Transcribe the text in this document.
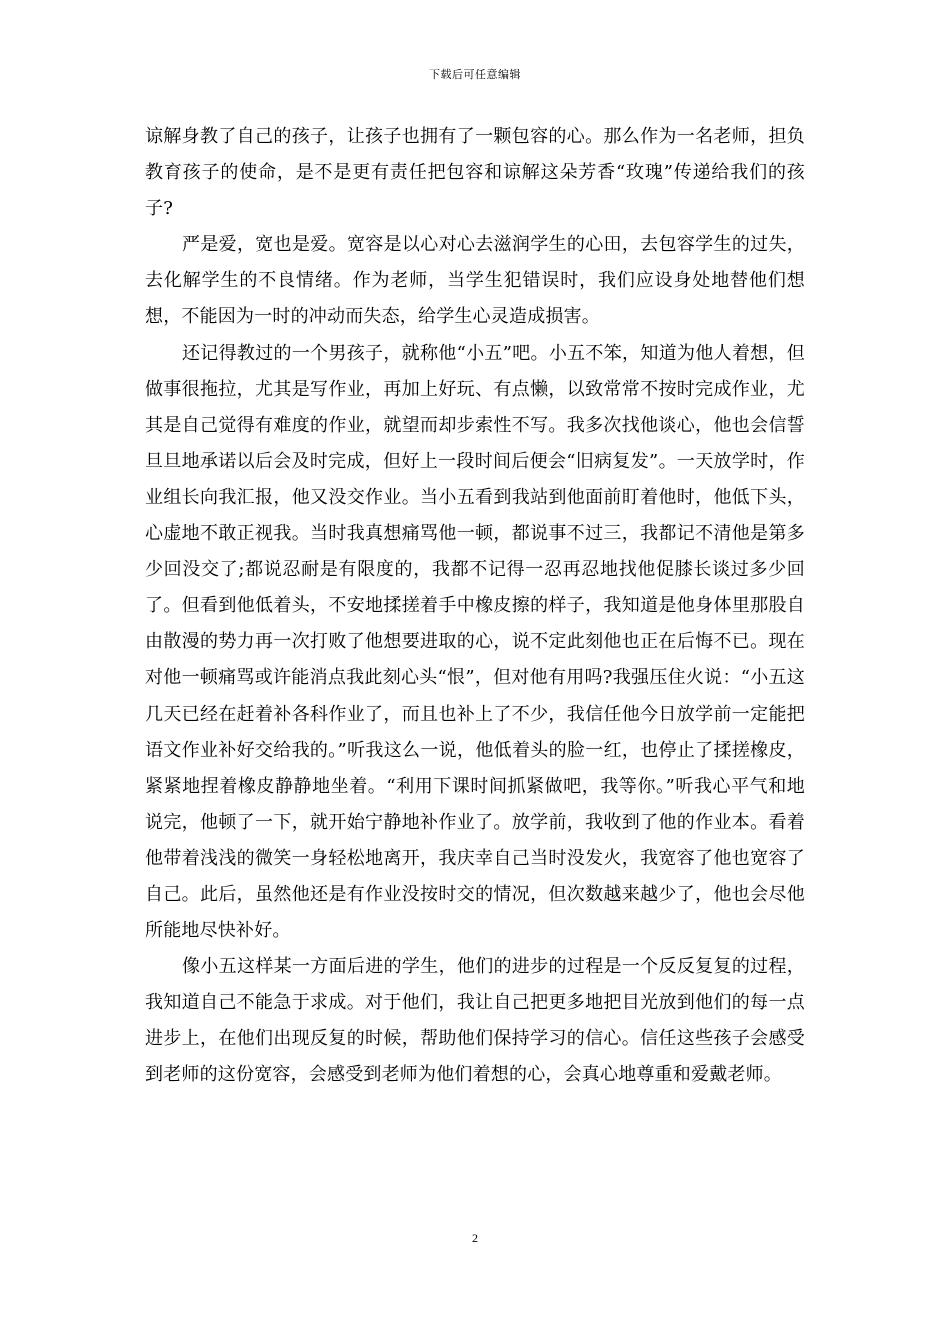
下载后可任意编辑

谅解身教了自己的孩子，让孩子也拥有了一颗包容的心。那么作为一名老师，担负教育孩子的使命，是不是更有责任把包容和谅解这朵芳香“玫瑰”传递给我们的孩子?

严是爱，宽也是爱。宽容是以心对心去滋润学生的心田，去包容学生的过失，去化解学生的不良情绪。作为老师，当学生犯错误时，我们应设身处地替他们想想，不能因为一时的冲动而失态，给学生心灵造成损害。

还记得教过的一个男孩子，就称他“小五”吧。小五不笨，知道为他人着想，但做事很拖拉，尤其是写作业，再加上好玩、有点懒，以致常常不按时完成作业，尤其是自己觉得有难度的作业，就望而却步索性不写。我多次找他谈心，他也会信誓旦旦地承诺以后会及时完成，但好上一段时间后便会“旧病复发”。一天放学时，作业组长向我汇报，他又没交作业。当小五看到我站到他面前盯着他时，他低下头，心虚地不敢正视我。当时我真想痛骂他一顿，都说事不过三，我都记不清他是第多少回没交了;都说忍耐是有限度的，我都不记得一忍再忍地找他促膝长谈过多少回了。但看到他低着头，不安地揉搓着手中橡皮擦的样子，我知道是他身体里那股自由散漫的势力再一次打败了他想要进取的心，说不定此刻他也正在后悔不已。现在对他一顿痛骂或许能消点我此刻心头“恨”，但对他有用吗?我强压住火说：“小五这几天已经在赶着补各科作业了，而且也补上了不少，我信任他今日放学前一定能把语文作业补好交给我的。”听我这么一说，他低着头的脸一红，也停止了揉搓橡皮，紧紧地捏着橡皮静静地坐着。“利用下课时间抓紧做吧，我等你。”听我心平气和地说完，他顿了一下，就开始宁静地补作业了。放学前，我收到了他的作业本。看着他带着浅浅的微笑一身轻松地离开，我庆幸自己当时没发火，我宽容了他也宽容了自己。此后，虽然他还是有作业没按时交的情况，但次数越来越少了，他也会尽他所能地尽快补好。

像小五这样某一方面后进的学生，他们的进步的过程是一个反反复复的过程，我知道自己不能急于求成。对于他们，我让自己把更多地把目光放到他们的每一点进步上，在他们出现反复的时候，帮助他们保持学习的信心。信任这些孩子会感受到老师的这份宽容，会感受到老师为他们着想的心，会真心地尊重和爱戴老师。

2
